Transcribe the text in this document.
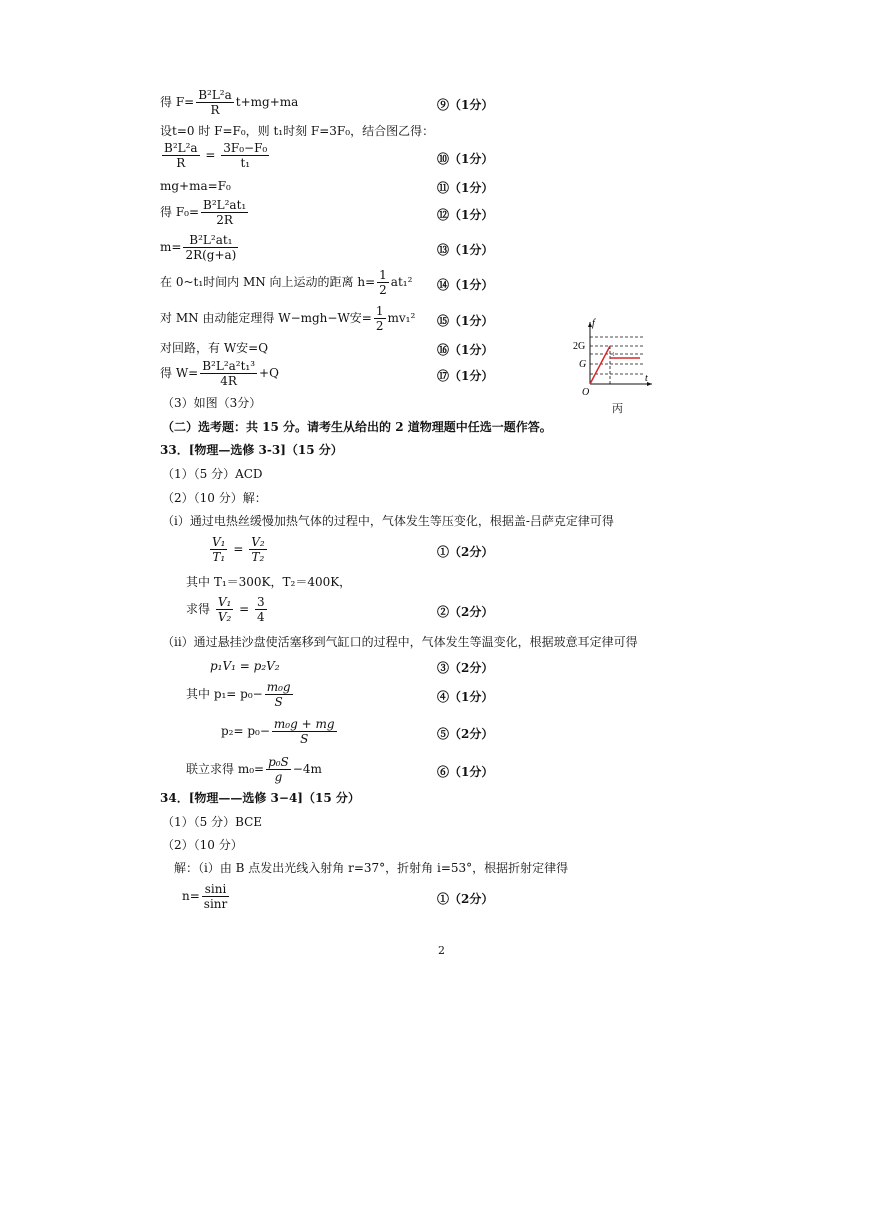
得 $F= \frac{\text{B²L²a}}{R} t+mg+ma$	⑨（1分）
设t=0 时 F=F₀，则 t₁时刻 F=3F₀，结合图乙得：
$\frac{\text{B²L²a}}{R} = \frac{\text{3F₀−F₀}}{\text{t₁}}$	⑩（1分）
mg+ma=F₀	⑪（1分）
得 $F_0= \frac{\text{B²L²at₁}}{2R}$	⑫（1分）
$m= \frac{\text{B²L²at₁}}{2R(g+a)}$	⑬（1分）
在 0~t₁时间内 MN 向上运动的距离 $h= \frac{1}{2} at_1^2$ ⑭（1分）
对 MN 由动能定理得 W−mgh−W安= $\frac{1}{2} mv_1^2$ ⑮（1分）
对回路，有 W安=Q	⑯（1分）
得 $W= \frac{\text{B²L²a²t₁³}}{4R} +Q$	⑰（1分）
（3）如图（3分）
f
t
O
2G
G
1
丙
（二）选考题：共 15 分。请考生从给出的 2 道物理题中任选一题作答。
33．[物理—选修 3-3]（15 分）
（1）（5 分）ACD
（2）（10 分）解：
（i）通过电热丝缓慢加热气体的过程中，气体发生等压变化，根据盖-吕萨克定律可得
$\frac{\text{V₁}}{\text{T₁}} = \frac{\text{V₂}}{\text{T₂}}$	①（2分）
其中 T₁＝300K，T₂＝400K，
求得 $\frac{\text{V₁}}{\text{V₂}} = \frac{3}{4}$	②（2分）
（ii）通过悬挂沙盘使活塞移到气缸口的过程中，气体发生等温变化，根据玻意耳定律可得
p₁V₁ = p₂V₂	③（2分）
其中 $p_1= p_0- \frac{\text{m₀g}}{S}$	④（1分）
$p_2= p_0- \frac{\text{m₀g + mg}}{S}$	⑤（2分）
联立求得 $m_0= \frac{\text{p₀S}}{g} -4m$	⑥（1分）
34．[物理——选修 3−4]（15 分）
（1）（5 分）BCE
（2）（10 分）
解：（i）由 B 点发出光线入射角 r=37°，折射角 i=53°，根据折射定律得
$n= \frac{\sin i}{\sin r}$	①（2分）
2
